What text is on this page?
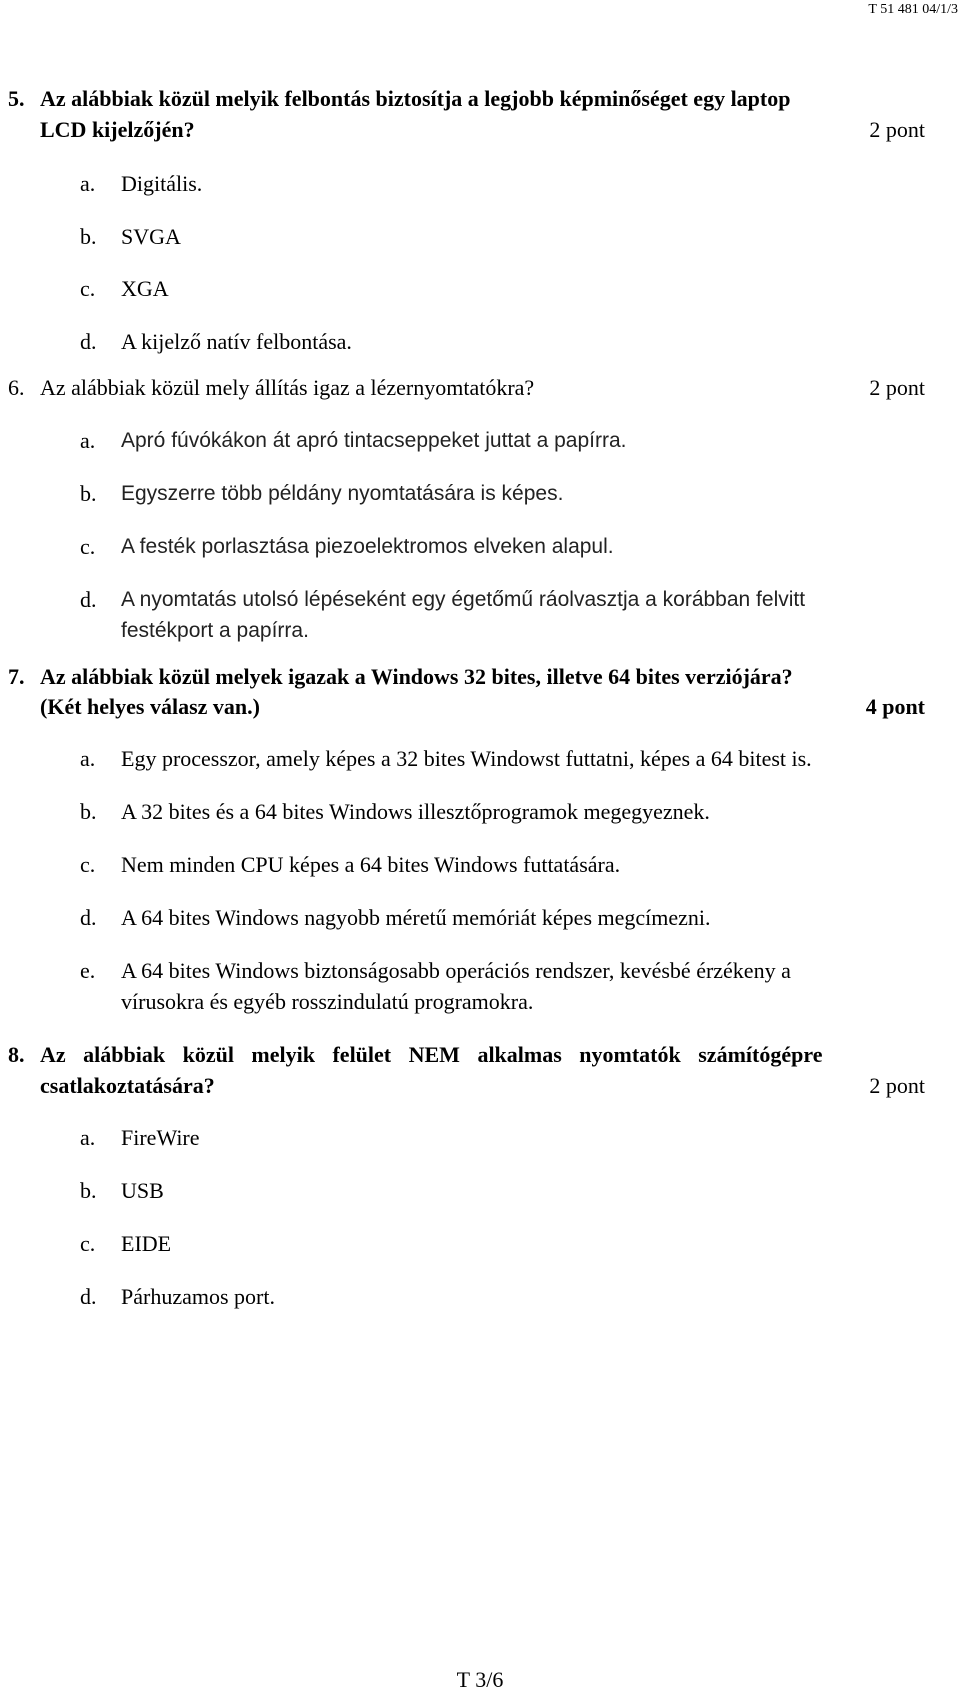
T 51 481 04/1/3
5. Az alábbiak közül melyik felbontás biztosítja a legjobb képminőséget egy laptop
LCD kijelzőjén?	2 pont
a. Digitális.
b. SVGA
c. XGA
d. A kijelző natív felbontása.
6. Az alábbiak közül mely állítás igaz a lézernyomtatókra?	2 pont
a. Apró fúvókákon át apró tintacseppeket juttat a papírra.
b. Egyszerre több példány nyomtatására is képes.
c. A festék porlasztása piezoelektromos elveken alapul.
d. A nyomtatás utolsó lépéseként egy égetőmű ráolvasztja a korábban felvitt
festékport a papírra.
7. Az alábbiak közül melyek igazak a Windows 32 bites, illetve 64 bites verziójára?
(Két helyes válasz van.)	4 pont
a. Egy processzor, amely képes a 32 bites Windowst futtatni, képes a 64 bitest is.
b. A 32 bites és a 64 bites Windows illesztőprogramok megegyeznek.
c. Nem minden CPU képes a 64 bites Windows futtatására.
d. A 64 bites Windows nagyobb méretű memóriát képes megcímezni.
e. A 64 bites Windows biztonságosabb operációs rendszer, kevésbé érzékeny a
vírusokra és egyéb rosszindulatú programokra.
8. Az alábbiak közül melyik felület NEM alkalmas nyomtatók számítógépre
csatlakoztatására?	2 pont
a. FireWire
b. USB
c. EIDE
d. Párhuzamos port.
T 3/6
